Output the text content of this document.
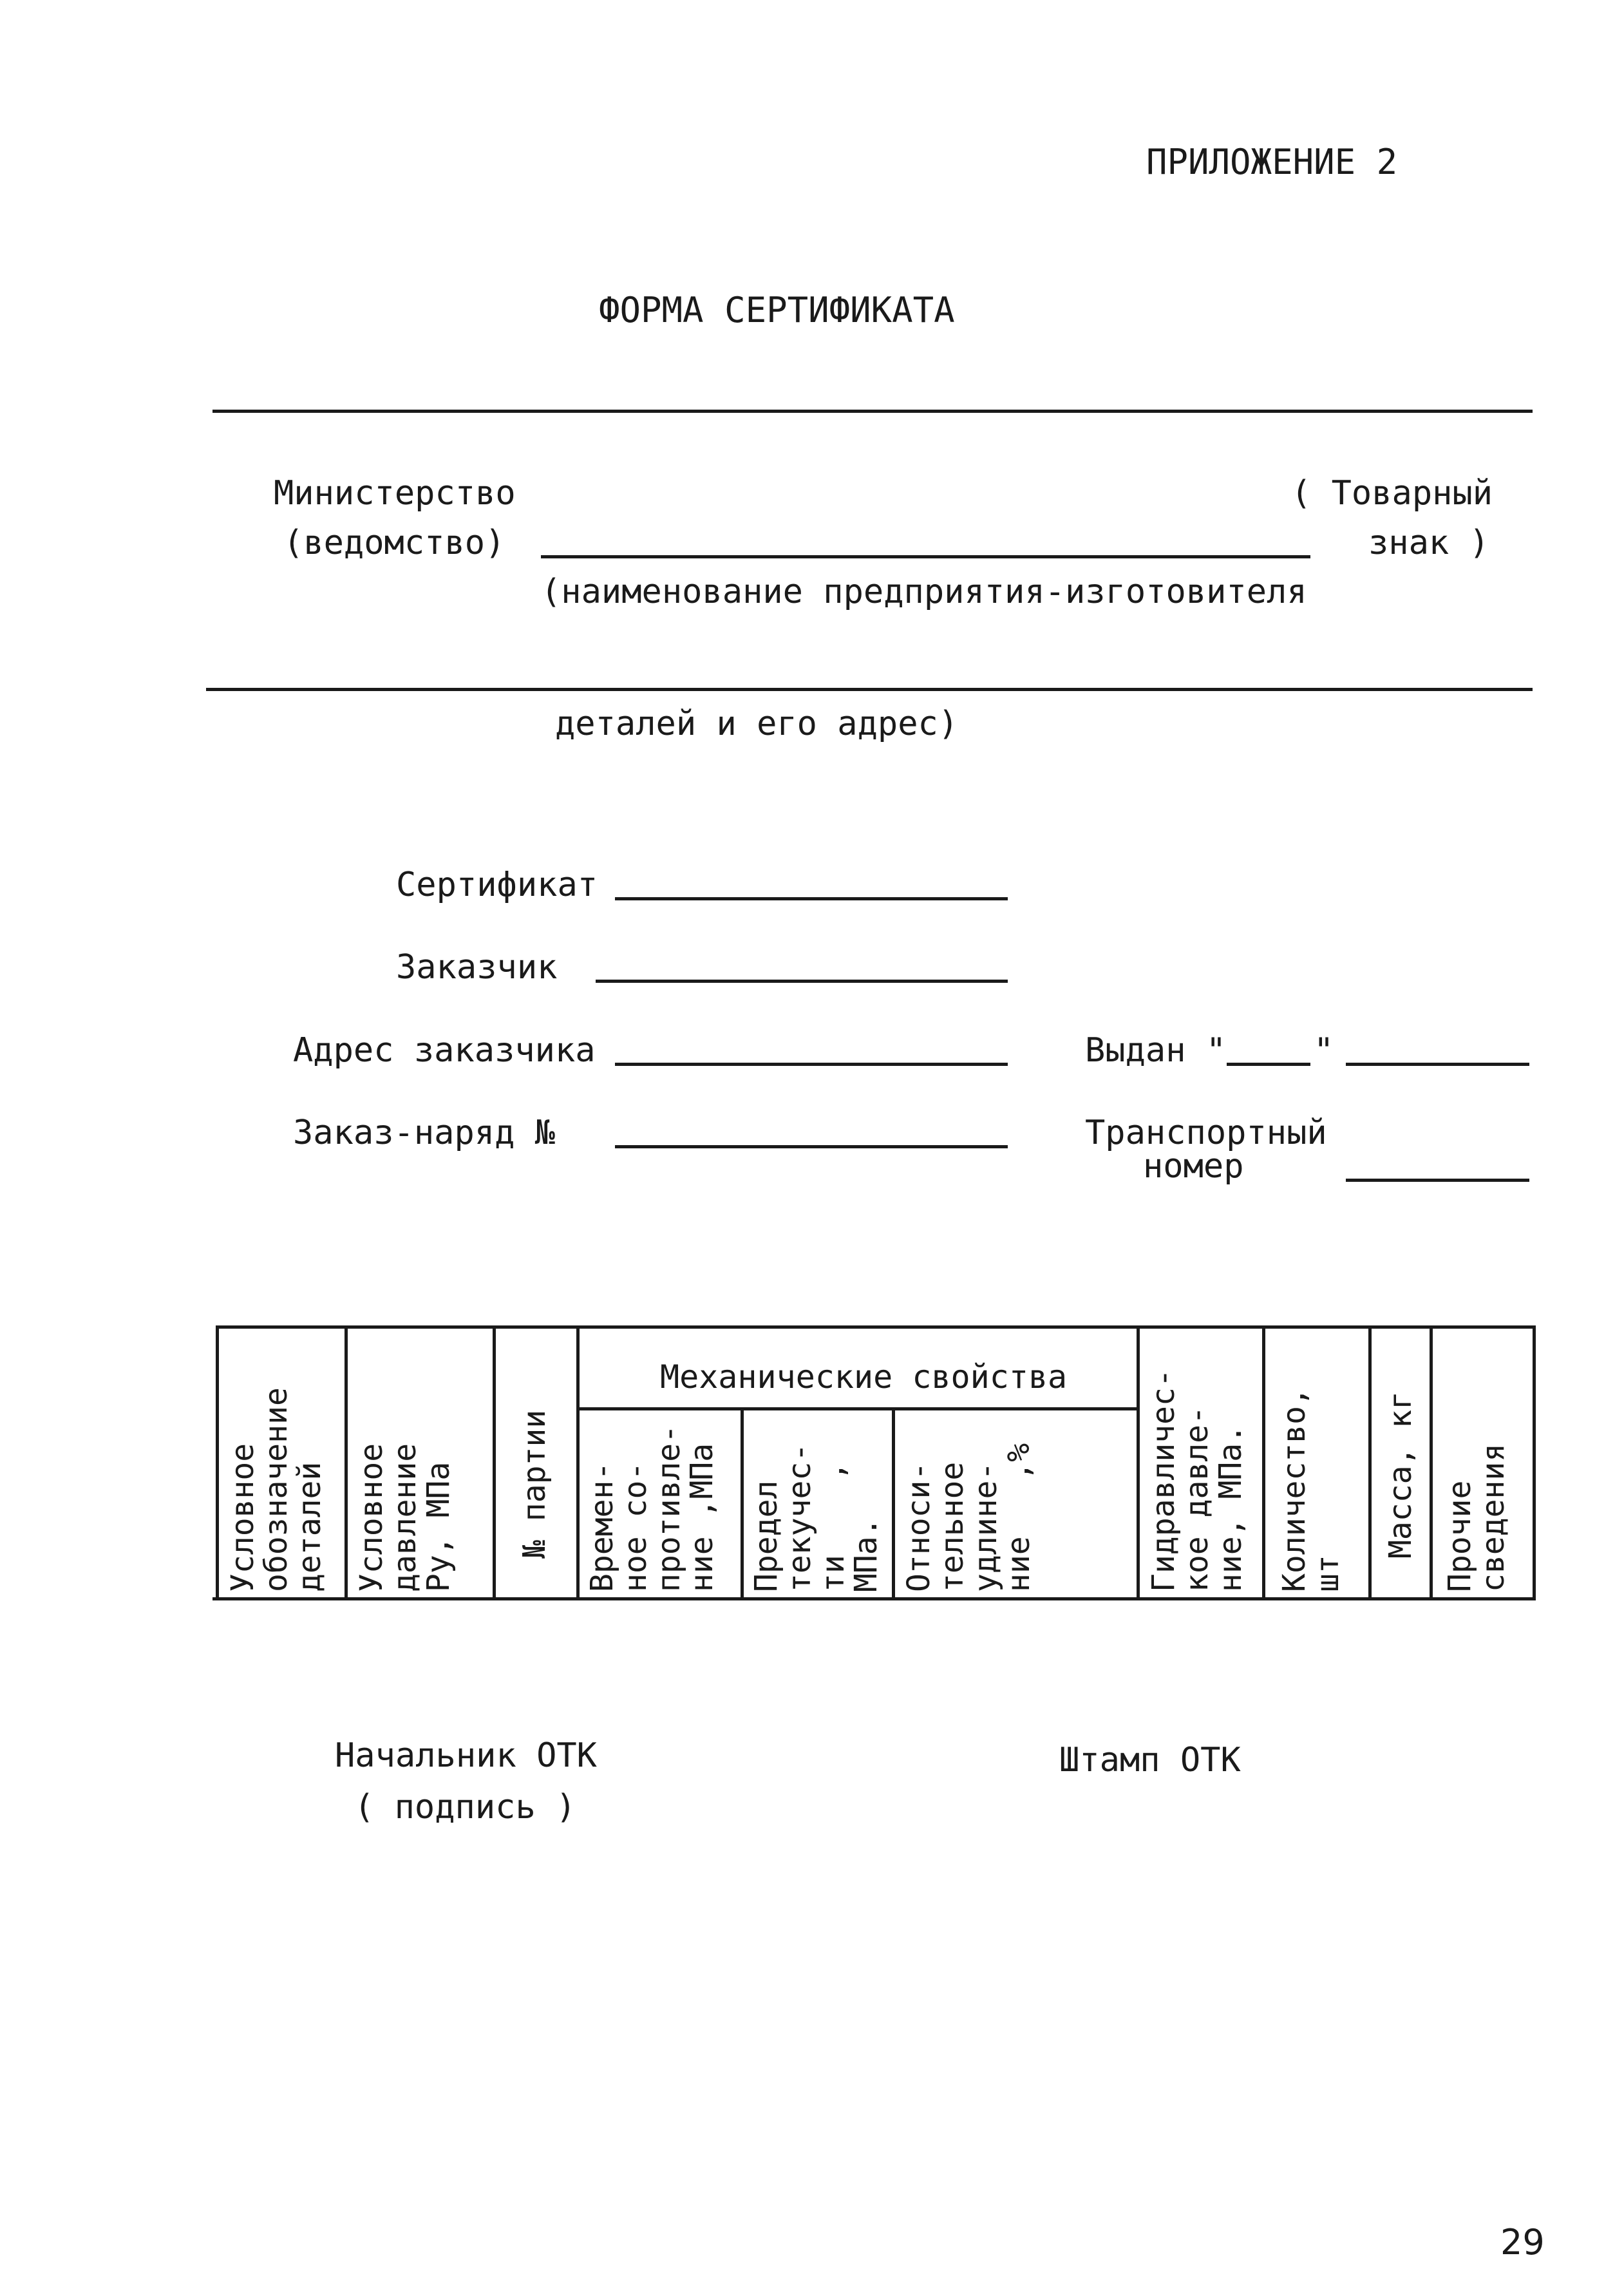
ПРИЛОЖЕНИЕ 2
ФОРМА СЕРТИФИКАТА
Министерство
(ведомство)
( Товарный
знак )
(наименование предприятия-изготовителя
деталей и его адрес)
Сертификат
Заказчик
Адрес заказчика
Заказ-наряд №
Выдан "	"
Транспортный
номер
Механические свойства
Условное
обозначение
деталей Условное
давление
Ру, МПа № партии Времен-
ное со-
противле-
ние ,МПа Предел
текучес-
ти    ,
МПа. Относи-
тельное
удлине-
ние   ,%	Гидравличес-
кое давле-
ние, МПа. Количество,
шт
Масса, кг Прочие
сведения
Начальник ОТК
( подпись )
Штамп ОТК
29
